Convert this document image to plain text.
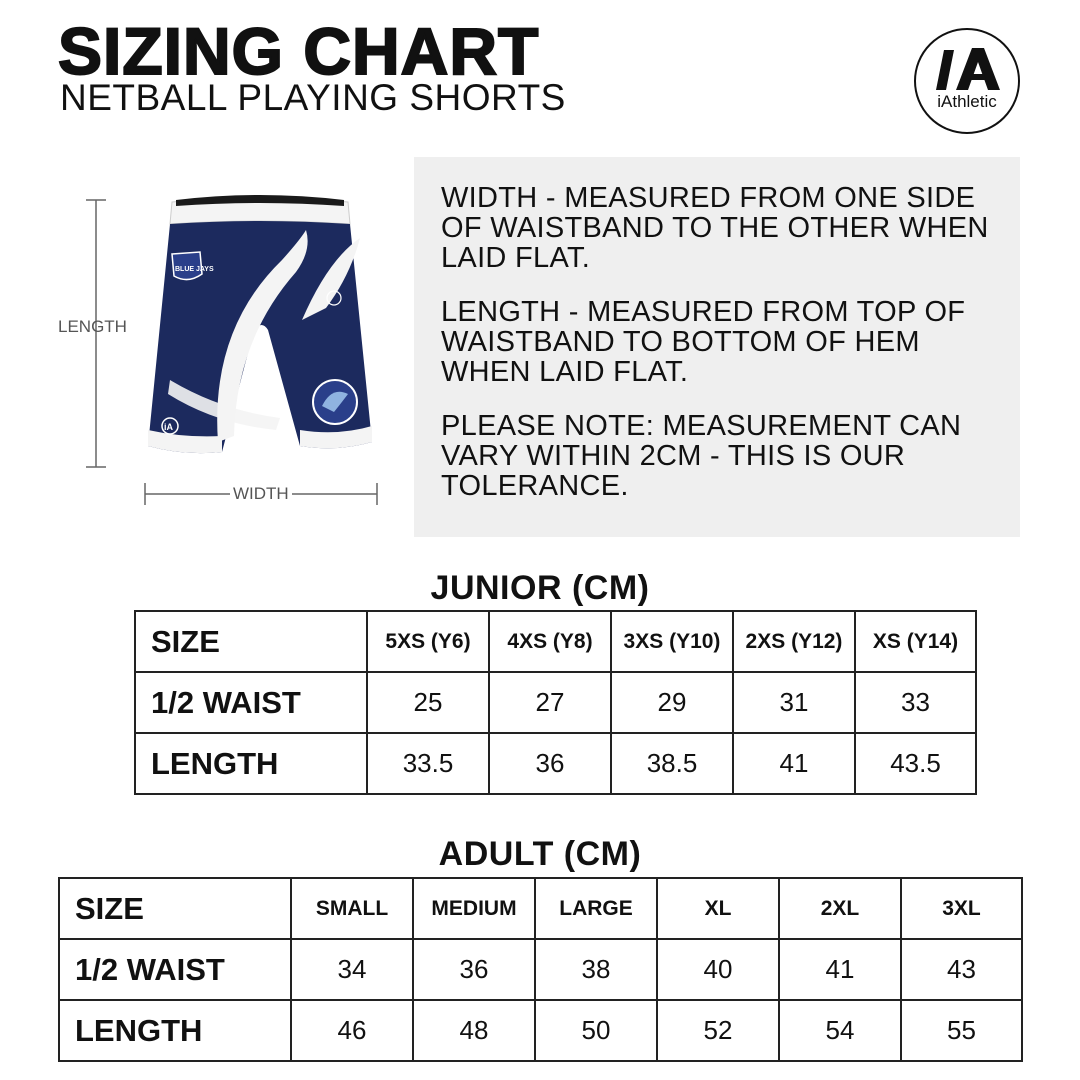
SIZING CHART
NETBALL PLAYING SHORTS	iAthletic
BLUE JAYS
iA
LENGTH
WIDTH

WIDTH - MEASURED FROM ONE SIDE OF WAISTBAND TO THE OTHER WHEN LAID FLAT.

LENGTH - MEASURED FROM TOP OF WAISTBAND TO BOTTOM OF HEM WHEN LAID FLAT.

PLEASE NOTE: MEASUREMENT CAN VARY WITHIN 2CM - THIS IS OUR TOLERANCE.

JUNIOR (CM)
SIZE	5XS (Y6)	4XS (Y8)	3XS (Y10)	2XS (Y12)	XS (Y14)
1/2 WAIST	25	27	29	31	33
LENGTH	33.5	36	38.5	41	43.5
ADULT (CM)
SIZE	SMALL	MEDIUM	LARGE	XL	2XL	3XL
1/2 WAIST	34	36	38	40	41	43
LENGTH	46	48	50	52	54	55
